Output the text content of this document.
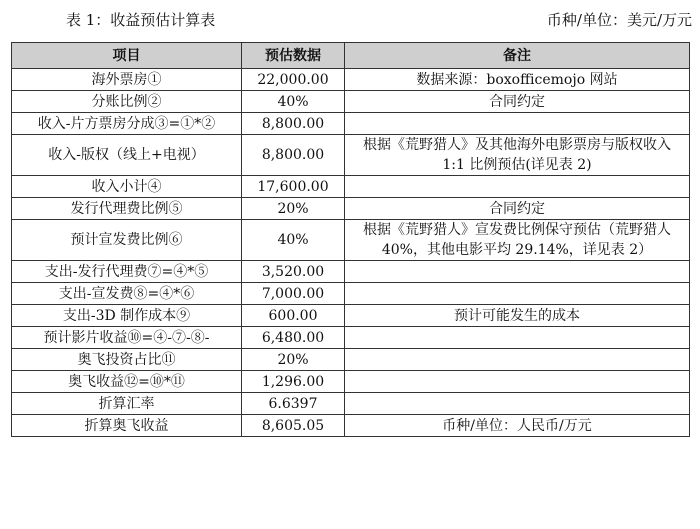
表 1：收益预估计算表	币种/单位：美元/万元
项目	预估数据	备注
海外票房①	22,000.00	数据来源：boxofficemojo 网站
分账比例②	40%	合同约定
收入-片方票房分成③=①*②	8,800.00	
收入-版权（线上+电视）	8,800.00	根据《荒野猎人》及其他海外电影票房与版权收入 1:1 比例预估(详见表 2)
收入小计④	17,600.00	
发行代理费比例⑤	20%	合同约定
预计宣发费比例⑥	40%	根据《荒野猎人》宣发费比例保守预估（荒野猎人 40%，其他电影平均 29.14%，详见表 2）
支出-发行代理费⑦=④*⑤	3,520.00	
支出-宣发费⑧=④*⑥	7,000.00	
支出-3D 制作成本⑨	600.00	预计可能发生的成本
预计影片收益⑩=④-⑦-⑧-	6,480.00	
奥飞投资占比⑪	20%	
奥飞收益⑫=⑩*⑪	1,296.00	
折算汇率	6.6397	
折算奥飞收益	8,605.05	币种/单位：人民币/万元
